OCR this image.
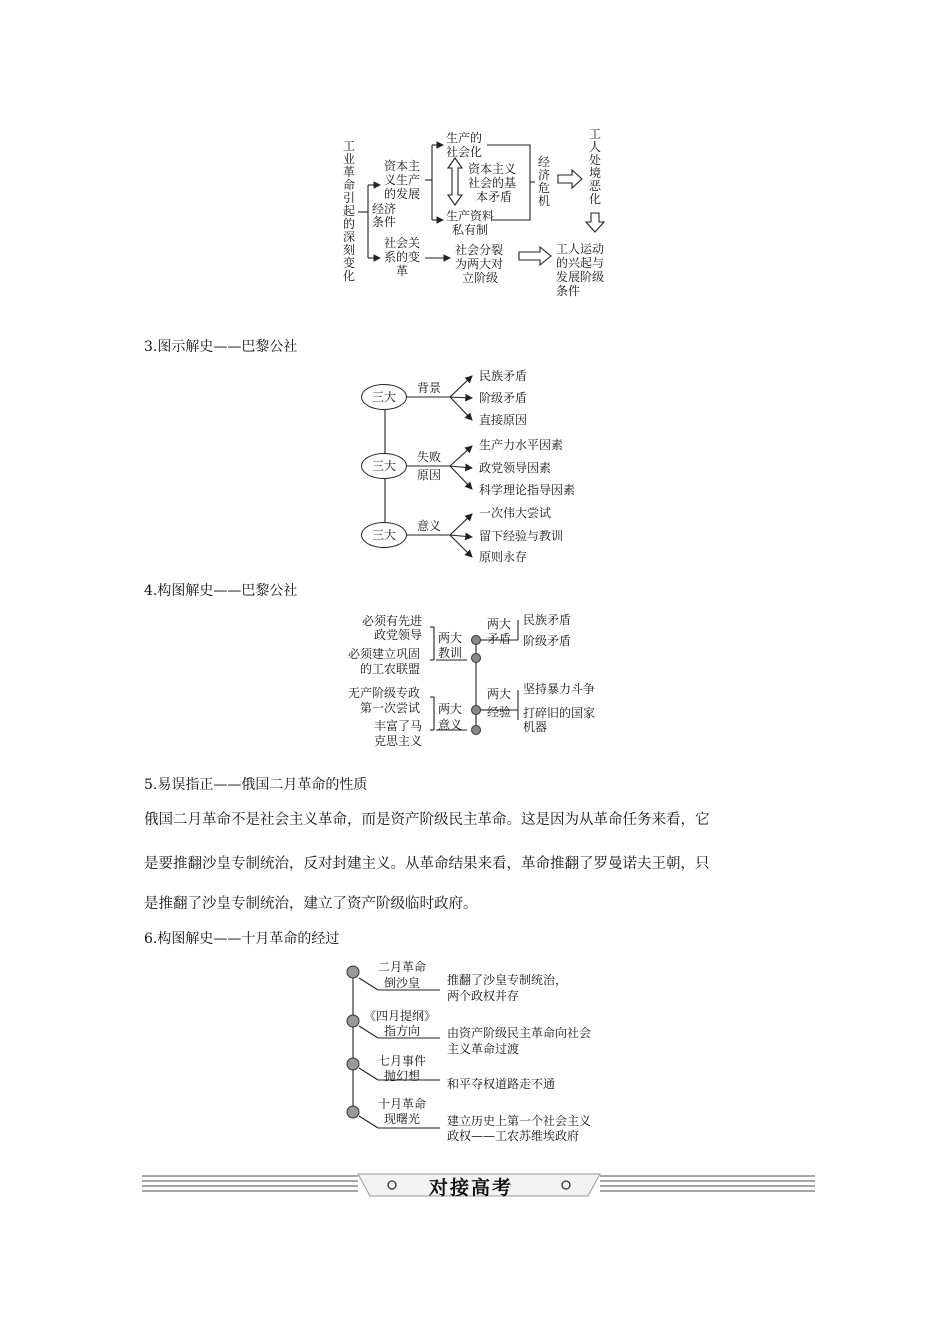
工业革命引起的深刻变化
经济条件
资本主
义生产
的发展
社会关
系的变
革
生产的
社会化
资本主义
社会的基
本矛盾
生产资料
私有制
经济危机
工人处境恶化
社会分裂
为两大对
立阶级
工人运动
的兴起与
发展阶级
条件
3.图示解史——巴黎公社
三大
三大
三大
背景
失败
原因
意义
民族矛盾
阶级矛盾
直接原因
生产力水平因素
政党领导因素
科学理论指导因素
一次伟大尝试
留下经验与教训
原则永存
4.构图解史——巴黎公社
必须有先进
政党领导
必须建立巩固
的工农联盟
两大
教训
无产阶级专政
第一次尝试
丰富了马
克思主义
两大
意义
两大
矛盾
民族矛盾
阶级矛盾
两大
经验
坚持暴力斗争
打碎旧的国家
机器
5.易误指正——俄国二月革命的性质
俄国二月革命不是社会主义革命，而是资产阶级民主革命。这是因为从革命任务来看，它
是要推翻沙皇专制统治，反对封建主义。从革命结果来看，革命推翻了罗曼诺夫王朝，只
是推翻了沙皇专制统治，建立了资产阶级临时政府。
6.构图解史——十月革命的经过
二月革命
倒沙皇 推翻了沙皇专制统治，
两个政权并存
《四月提纲》
指方向 由资产阶级民主革命向社会
主义革命过渡
七月事件
抛幻想
和平夺权道路走不通
十月革命
现曙光 建立历史上第一个社会主义
政权——工农苏维埃政府
对接高考
